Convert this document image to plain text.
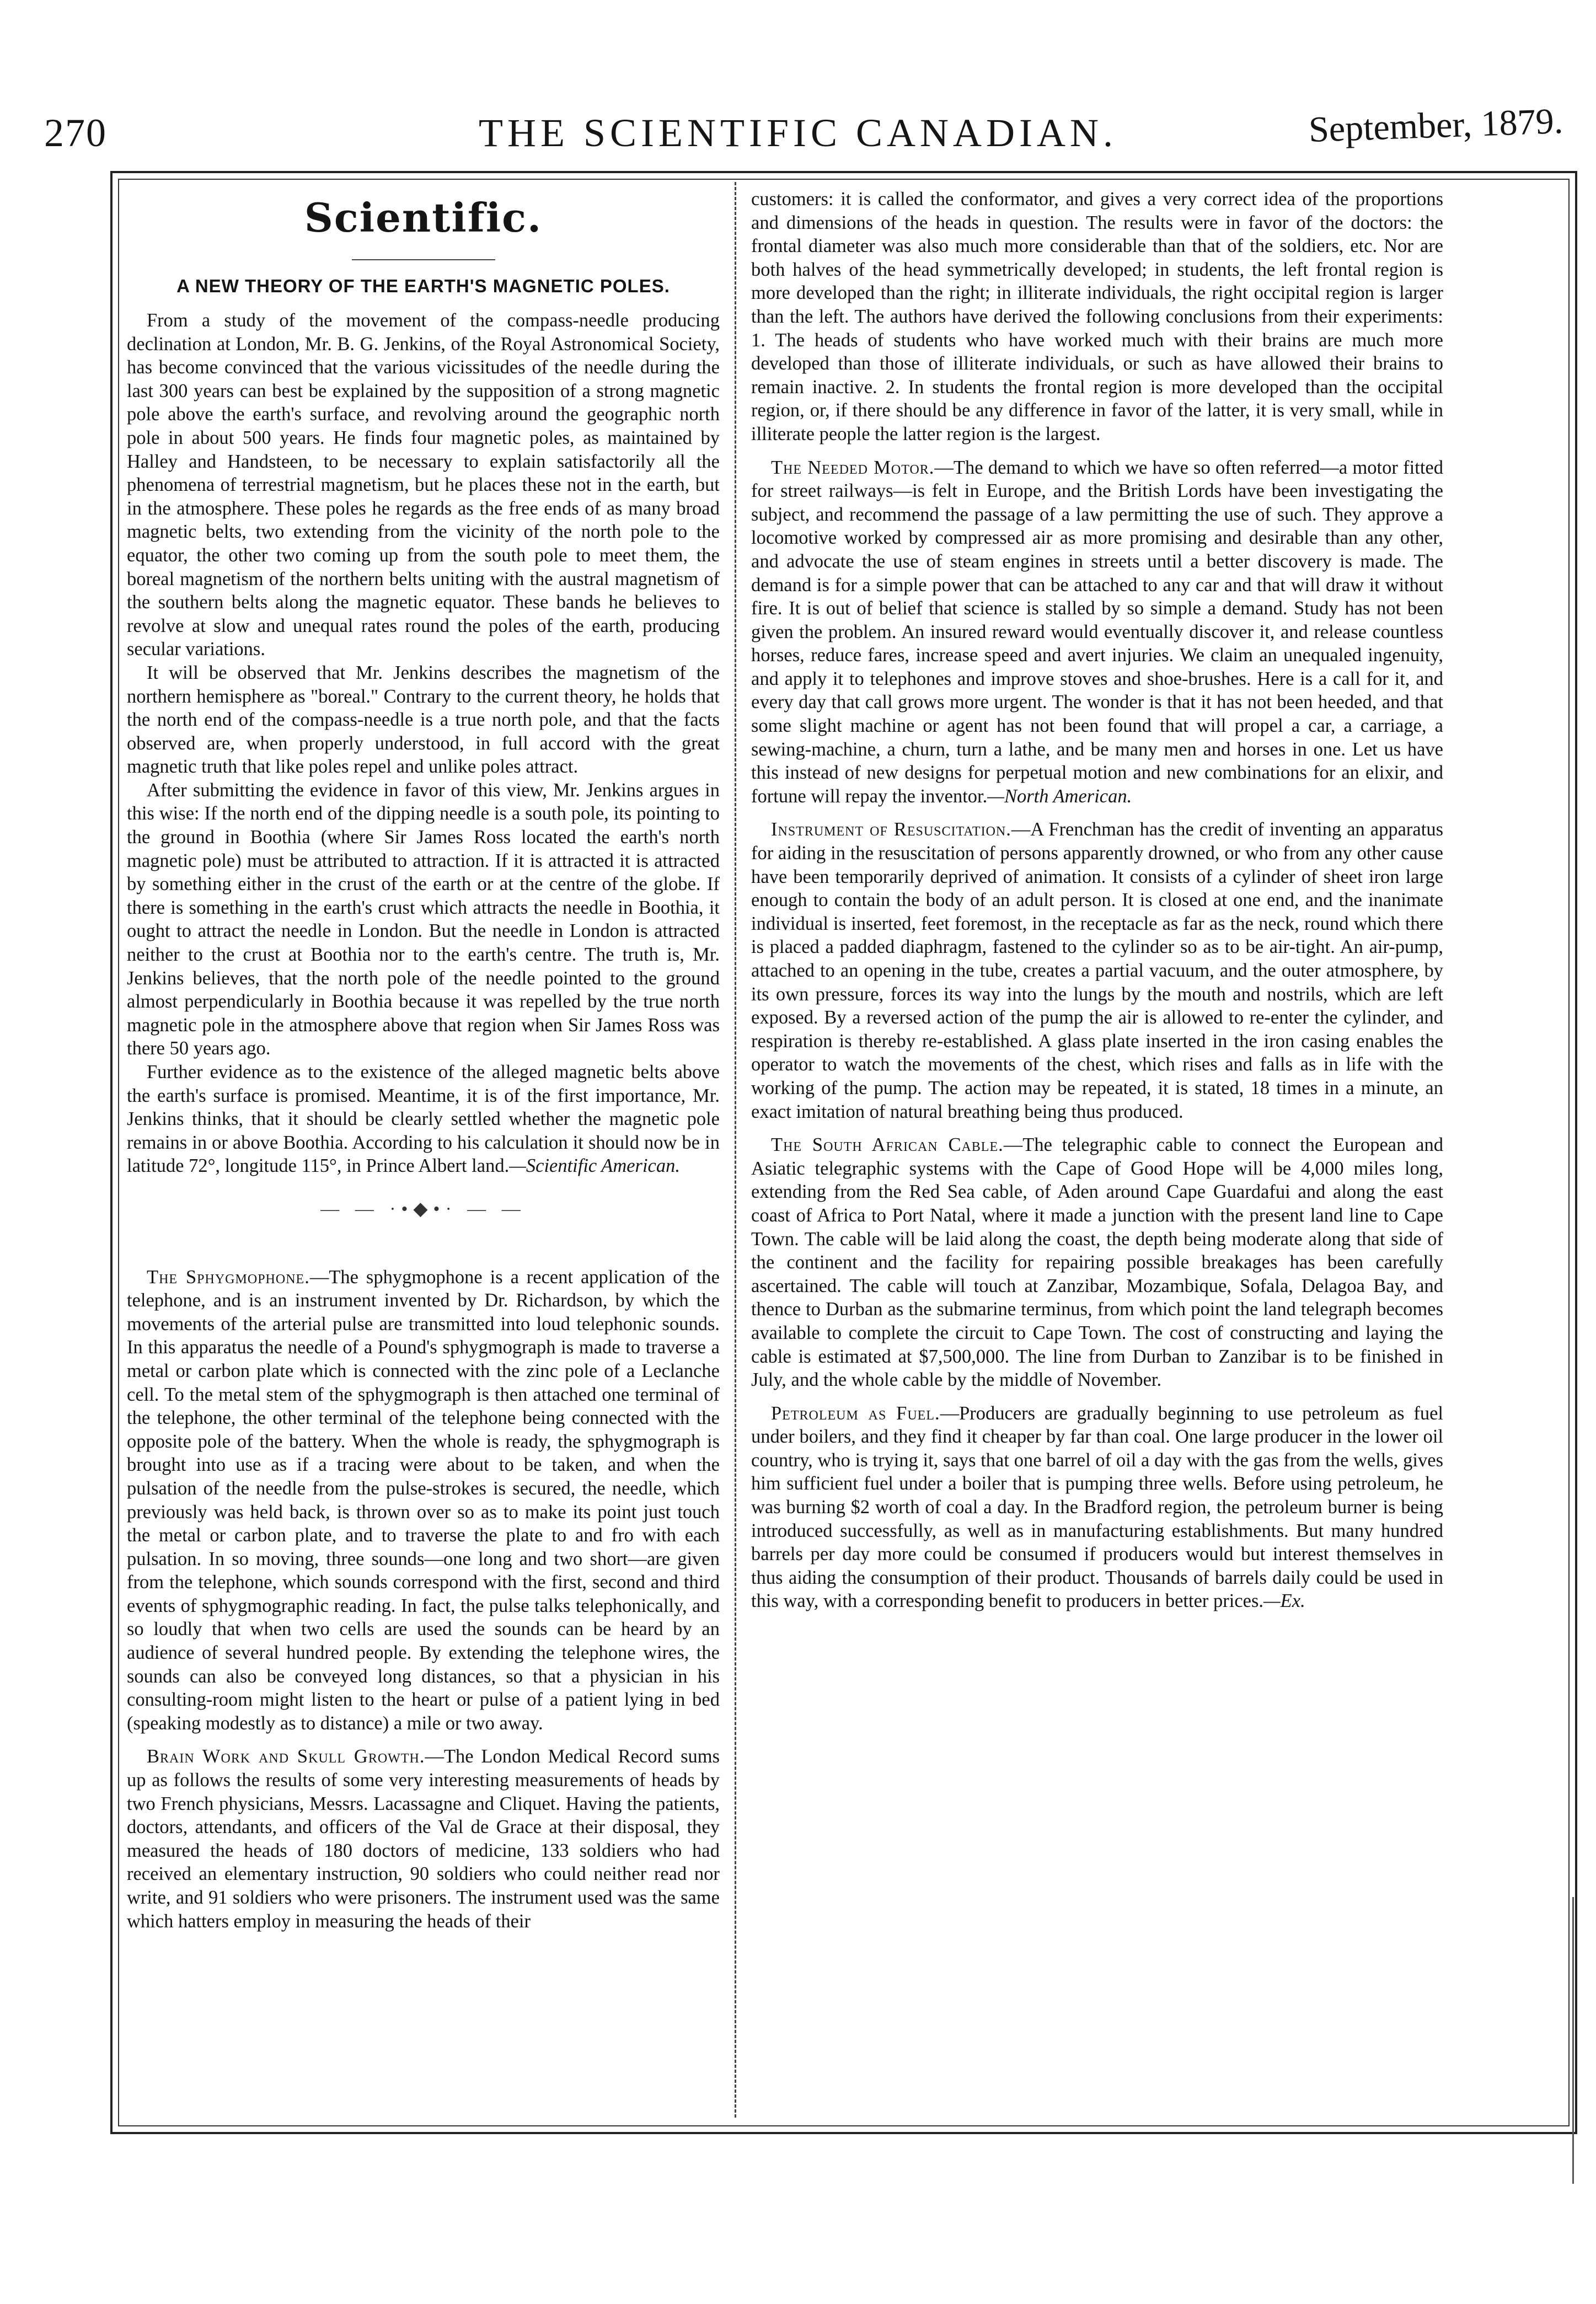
270	THE SCIENTIFIC CANADIAN.	September, 1879.
Scientific.
A NEW THEORY OF THE EARTH'S MAGNETIC POLES.

From a study of the movement of the compass-needle producing declination at London, Mr. B. G. Jenkins, of the Royal Astronomical Society, has become convinced that the various vicissitudes of the needle during the last 300 years can best be explained by the supposition of a strong magnetic pole above the earth's surface, and revolving around the geographic north pole in about 500 years. He finds four magnetic poles, as maintained by Halley and Handsteen, to be necessary to explain satisfactorily all the phenomena of terrestrial magnetism, but he places these not in the earth, but in the atmosphere. These poles he regards as the free ends of as many broad magnetic belts, two extending from the vicinity of the north pole to the equator, the other two coming up from the south pole to meet them, the boreal magnetism of the northern belts uniting with the austral magnetism of the southern belts along the magnetic equator. These bands he believes to revolve at slow and unequal rates round the poles of the earth, producing secular variations.

It will be observed that Mr. Jenkins describes the magnetism of the northern hemisphere as "boreal." Contrary to the current theory, he holds that the north end of the compass-needle is a true north pole, and that the facts observed are, when properly understood, in full accord with the great magnetic truth that like poles repel and unlike poles attract.

After submitting the evidence in favor of this view, Mr. Jenkins argues in this wise: If the north end of the dipping needle is a south pole, its pointing to the ground in Boothia (where Sir James Ross located the earth's north magnetic pole) must be attributed to attraction. If it is attracted it is attracted by something either in the crust of the earth or at the centre of the globe. If there is something in the earth's crust which attracts the needle in Boothia, it ought to attract the needle in London. But the needle in London is attracted neither to the crust at Boothia nor to the earth's centre. The truth is, Mr. Jenkins believes, that the north pole of the needle pointed to the ground almost perpendicularly in Boothia because it was repelled by the true north magnetic pole in the atmosphere above that region when Sir James Ross was there 50 years ago.

Further evidence as to the existence of the alleged magnetic belts above the earth's surface is promised. Meantime, it is of the first importance, Mr. Jenkins thinks, that it should be clearly settled whether the magnetic pole remains in or above Boothia. According to his calculation it should now be in latitude 72°, longitude 115°, in Prince Albert land.—Scientific American.

— — ·•◆•· — —

The Sphygmophone.—The sphygmophone is a recent application of the telephone, and is an instrument invented by Dr. Richardson, by which the movements of the arterial pulse are transmitted into loud telephonic sounds. In this apparatus the needle of a Pound's sphygmograph is made to traverse a metal or carbon plate which is connected with the zinc pole of a Leclanche cell. To the metal stem of the sphygmograph is then attached one terminal of the telephone, the other terminal of the telephone being connected with the opposite pole of the battery. When the whole is ready, the sphygmograph is brought into use as if a tracing were about to be taken, and when the pulsation of the needle from the pulse-strokes is secured, the needle, which previously was held back, is thrown over so as to make its point just touch the metal or carbon plate, and to traverse the plate to and fro with each pulsation. In so moving, three sounds—one long and two short—are given from the telephone, which sounds correspond with the first, second and third events of sphygmographic reading. In fact, the pulse talks telephonically, and so loudly that when two cells are used the sounds can be heard by an audience of several hundred people. By extending the telephone wires, the sounds can also be conveyed long distances, so that a physician in his consulting-room might listen to the heart or pulse of a patient lying in bed (speaking modestly as to distance) a mile or two away.

Brain Work and Skull Growth.—The London Medical Record sums up as follows the results of some very interesting measurements of heads by two French physicians, Messrs. Lacassagne and Cliquet. Having the patients, doctors, attendants, and officers of the Val de Grace at their disposal, they measured the heads of 180 doctors of medicine, 133 soldiers who had received an elementary instruction, 90 soldiers who could neither read nor write, and 91 soldiers who were prisoners. The instrument used was the same which hatters employ in measuring the heads of their

customers: it is called the conformator, and gives a very correct idea of the proportions and dimensions of the heads in question. The results were in favor of the doctors: the frontal diameter was also much more considerable than that of the soldiers, etc. Nor are both halves of the head symmetrically developed; in students, the left frontal region is more developed than the right; in illiterate individuals, the right occipital region is larger than the left. The authors have derived the following conclusions from their experiments: 1. The heads of students who have worked much with their brains are much more developed than those of illiterate individuals, or such as have allowed their brains to remain inactive. 2. In students the frontal region is more developed than the occipital region, or, if there should be any difference in favor of the latter, it is very small, while in illiterate people the latter region is the largest.

The Needed Motor.—The demand to which we have so often referred—a motor fitted for street railways—is felt in Europe, and the British Lords have been investigating the subject, and recommend the passage of a law permitting the use of such. They approve a locomotive worked by compressed air as more promising and desirable than any other, and advocate the use of steam engines in streets until a better discovery is made. The demand is for a simple power that can be attached to any car and that will draw it without fire. It is out of belief that science is stalled by so simple a demand. Study has not been given the problem. An insured reward would eventually discover it, and release countless horses, reduce fares, increase speed and avert injuries. We claim an unequaled ingenuity, and apply it to telephones and improve stoves and shoe-brushes. Here is a call for it, and every day that call grows more urgent. The wonder is that it has not been heeded, and that some slight machine or agent has not been found that will propel a car, a carriage, a sewing-machine, a churn, turn a lathe, and be many men and horses in one. Let us have this instead of new designs for perpetual motion and new combinations for an elixir, and fortune will repay the inventor.—North American.

Instrument of Resuscitation.—A Frenchman has the credit of inventing an apparatus for aiding in the resuscitation of persons apparently drowned, or who from any other cause have been temporarily deprived of animation. It consists of a cylinder of sheet iron large enough to contain the body of an adult person. It is closed at one end, and the inanimate individual is inserted, feet foremost, in the receptacle as far as the neck, round which there is placed a padded diaphragm, fastened to the cylinder so as to be air-tight. An air-pump, attached to an opening in the tube, creates a partial vacuum, and the outer atmosphere, by its own pressure, forces its way into the lungs by the mouth and nostrils, which are left exposed. By a reversed action of the pump the air is allowed to re-enter the cylinder, and respiration is thereby re-established. A glass plate inserted in the iron casing enables the operator to watch the movements of the chest, which rises and falls as in life with the working of the pump. The action may be repeated, it is stated, 18 times in a minute, an exact imitation of natural breathing being thus produced.

The South African Cable.—The telegraphic cable to connect the European and Asiatic telegraphic systems with the Cape of Good Hope will be 4,000 miles long, extending from the Red Sea cable, of Aden around Cape Guardafui and along the east coast of Africa to Port Natal, where it made a junction with the present land line to Cape Town. The cable will be laid along the coast, the depth being moderate along that side of the continent and the facility for repairing possible breakages has been carefully ascertained. The cable will touch at Zanzibar, Mozambique, Sofala, Delagoa Bay, and thence to Durban as the submarine terminus, from which point the land telegraph becomes available to complete the circuit to Cape Town. The cost of constructing and laying the cable is estimated at $7,500,000. The line from Durban to Zanzibar is to be finished in July, and the whole cable by the middle of November.

Petroleum as Fuel.—Producers are gradually beginning to use petroleum as fuel under boilers, and they find it cheaper by far than coal. One large producer in the lower oil country, who is trying it, says that one barrel of oil a day with the gas from the wells, gives him sufficient fuel under a boiler that is pumping three wells. Before using petroleum, he was burning $2 worth of coal a day. In the Bradford region, the petroleum burner is being introduced successfully, as well as in manufacturing establishments. But many hundred barrels per day more could be consumed if producers would but interest themselves in thus aiding the consumption of their product. Thousands of barrels daily could be used in this way, with a corresponding benefit to producers in better prices.—Ex.
